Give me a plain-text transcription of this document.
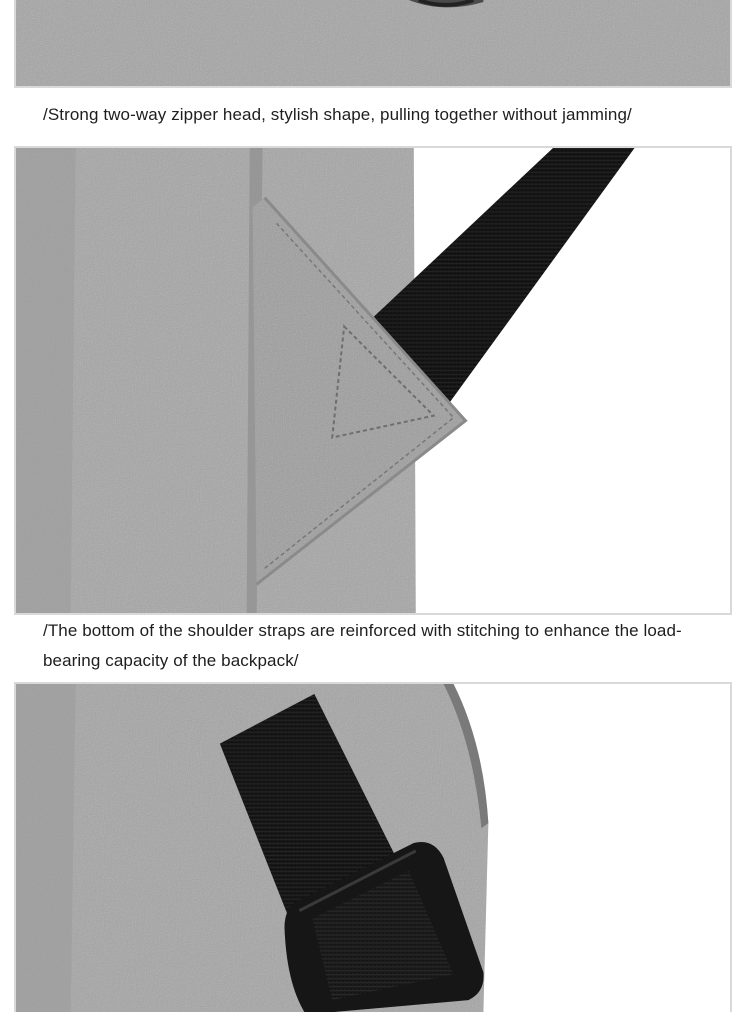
/Strong two-way zipper head, stylish shape, pulling together without jamming/
/The bottom of the shoulder straps are reinforced with stitching to enhance the load-bearing capacity of the backpack/
